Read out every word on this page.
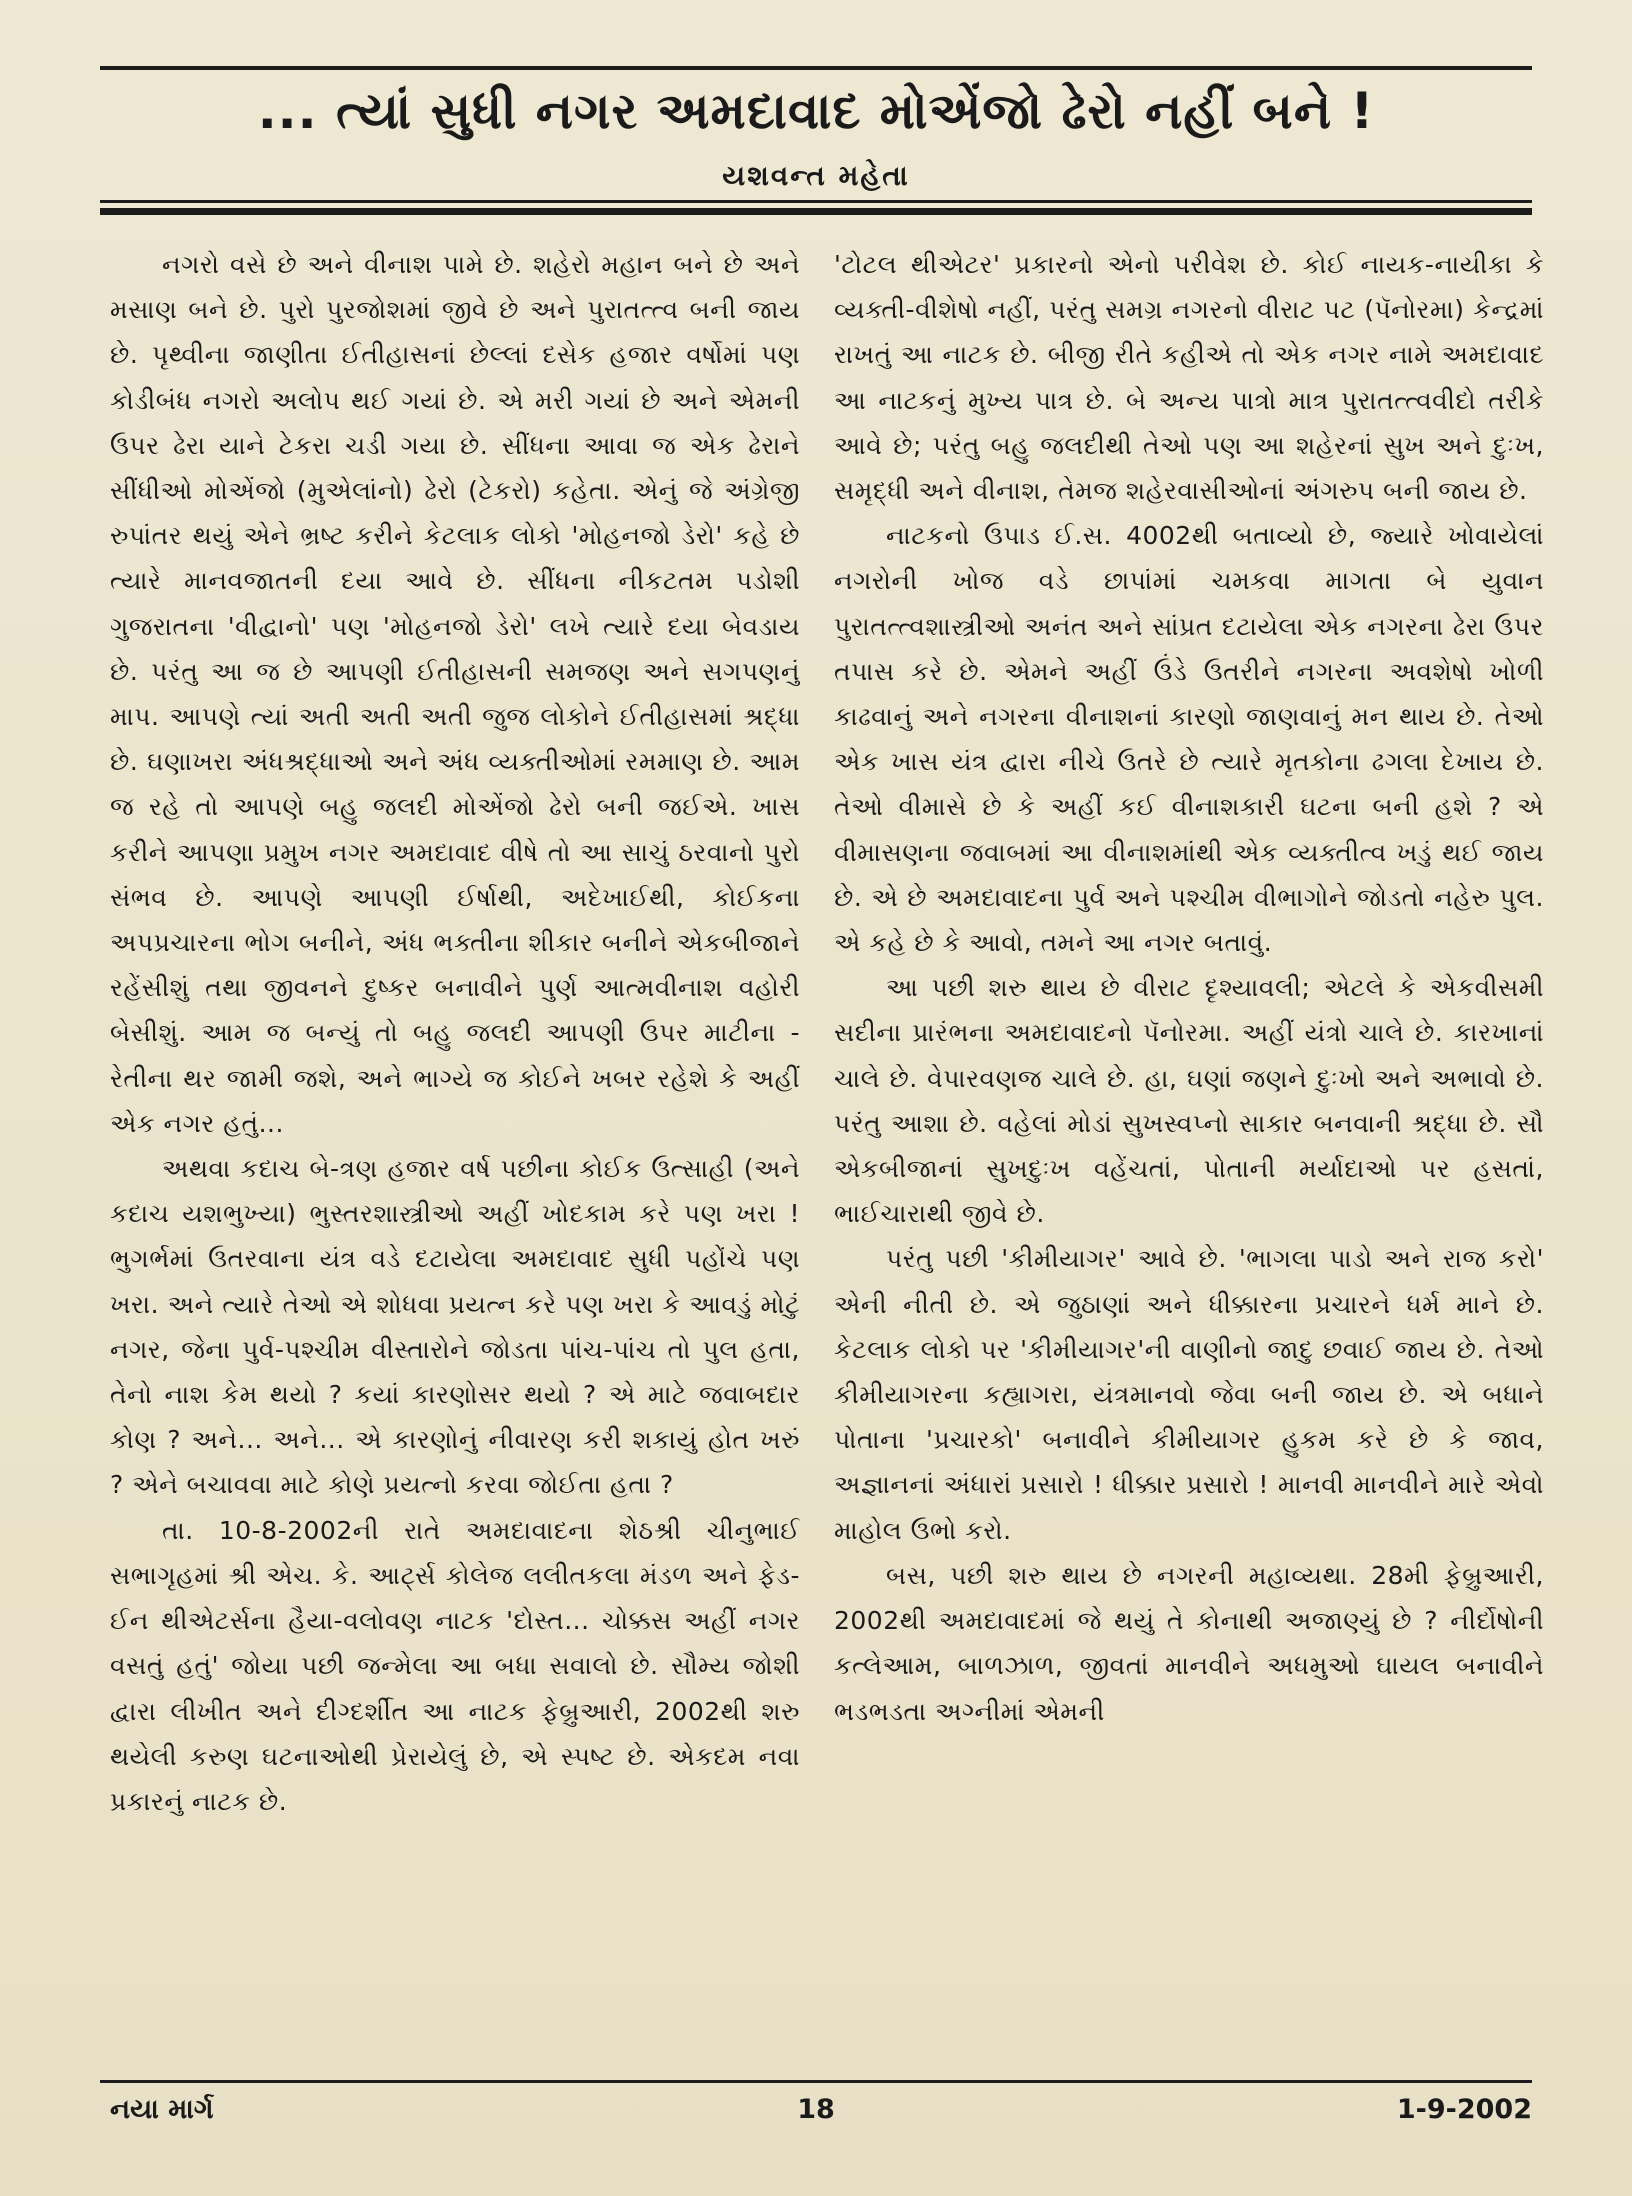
... ત્યાં સુધી નગર અમદાવાદ મોએંજો ઢેરો નહીં બને !
યશવન્ત મહેતા

નગરો વસે છે અને વીનાશ પામે છે. શહેરો મહાન બને છે અને મસાણ બને છે. પુરો પુરજોશમાં જીવે છે અને પુરાતત્ત્વ બની જાય છે. પૃથ્વીના જાણીતા ઈતીહાસનાં છેલ્લાં દસેક હજાર વર્ષોમાં પણ કોડીબંધ નગરો અલોપ થઈ ગયાં છે. એ મરી ગયાં છે અને એમની ઉપર ઢેરા યાને ટેકરા ચડી ગયા છે. સીંધના આવા જ એક ઢેરાને સીંધીઓ મોએંજો (મુએલાંનો) ઢેરો (ટેકરો) કહેતા. એનું જે અંગ્રેજી રુપાંતર થયું એને ભ્રષ્ટ કરીને કેટલાક લોકો 'મોહનજો ડેરો' કહે છે ત્યારે માનવજાતની દયા આવે છે. સીંધના નીકટતમ પડોશી ગુજરાતના 'વીદ્વાનો' પણ 'મોહનજો ડેરો' લખે ત્યારે દયા બેવડાય છે. પરંતુ આ જ છે આપણી ઈતીહાસની સમજણ અને સગપણનું માપ. આપણે ત્યાં અતી અતી અતી જુજ લોકોને ઈતીહાસમાં શ્રદ્ધા છે. ઘણાખરા અંધશ્રદ્ધાઓ અને અંધ વ્યક્તીઓમાં રમમાણ છે. આમ જ રહે તો આપણે બહુ જલદી મોએંજો ઢેરો બની જઈએ. ખાસ કરીને આપણા પ્રમુખ નગર અમદાવાદ વીષે તો આ સાચું ઠરવાનો પુરો સંભવ છે. આપણે આપણી ઈર્ષાથી, અદેખાઈથી, કોઈકના અપપ્રચારના ભોગ બનીને, અંધ ભક્તીના શીકાર બનીને એકબીજાને રહેંસીશું તથા જીવનને દુષ્કર બનાવીને પુર્ણ આત્મવીનાશ વહોરી બેસીશું. આમ જ બન્યું તો બહુ જલદી આપણી ઉપર માટીના - રેતીના થર જામી જશે, અને ભાગ્યે જ કોઈને ખબર રહેશે કે અહીં એક નગર હતું...

અથવા કદાચ બે-ત્રણ હજાર વર્ષ પછીના કોઈક ઉત્સાહી (અને કદાચ યશભુખ્યા) ભુસ્તરશાસ્ત્રીઓ અહીં ખોદકામ કરે પણ ખરા ! ભુગર્ભમાં ઉતરવાના યંત્ર વડે દટાયેલા અમદાવાદ સુધી પહોંચે પણ ખરા. અને ત્યારે તેઓ એ શોધવા પ્રયત્ન કરે પણ ખરા કે આવડું મોટું નગર, જેના પુર્વ-પશ્ચીમ વીસ્તારોને જોડતા પાંચ-પાંચ તો પુલ હતા, તેનો નાશ કેમ થયો ? કયાં કારણોસર થયો ? એ માટે જવાબદાર કોણ ? અને... અને... એ કારણોનું નીવારણ કરી શકાયું હોત ખરું ? એને બચાવવા માટે કોણે પ્રયત્નો કરવા જોઈતા હતા ?

તા. 10-8-2002ની રાતે અમદાવાદના શેઠશ્રી ચીનુભાઈ સભાગૃહમાં શ્રી એચ. કે. આર્ટ્સ કોલેજ લલીતકલા મંડળ અને ફેડ-ઈન થીએટર્સના હૈયા-વલોવણ નાટક 'દોસ્ત... ચોક્કસ અહીં નગર વસતું હતું' જોયા પછી જન્મેલા આ બધા સવાલો છે. સૌમ્ય જોશી દ્વારા લીખીત અને દીગ્દર્શીત આ નાટક ફેબ્રુઆરી, 2002થી શરુ થયેલી કરુણ ઘટનાઓથી પ્રેરાયેલું છે, એ સ્પષ્ટ છે. એકદમ નવા પ્રકારનું નાટક છે.

'ટોટલ થીએટર' પ્રકારનો એનો પરીવેશ છે. કોઈ નાયક-નાયીકા કે વ્યક્તી-વીશેષો નહીં, પરંતુ સમગ્ર નગરનો વીરાટ પટ (પૅનોરમા) કેન્દ્રમાં રાખતું આ નાટક છે. બીજી રીતે કહીએ તો એક નગર નામે અમદાવાદ આ નાટકનું મુખ્ય પાત્ર છે. બે અન્ય પાત્રો માત્ર પુરાતત્ત્વવીદો તરીકે આવે છે; પરંતુ બહુ જલદીથી તેઓ પણ આ શહેરનાં સુખ અને દુઃખ, સમૃદ્ધી અને વીનાશ, તેમજ શહેરવાસીઓનાં અંગરુપ બની જાય છે.

નાટકનો ઉપાડ ઈ.સ. 4002થી બતાવ્યો છે, જ્યારે ખોવાયેલાં નગરોની ખોજ વડે છાપાંમાં ચમકવા માગતા બે યુવાન પુરાતત્ત્વશાસ્ત્રીઓ અનંત અને સાંપ્રત દટાયેલા એક નગરના ઢેરા ઉપર તપાસ કરે છે. એમને અહીં ઉંડે ઉતરીને નગરના અવશેષો ખોળી કાઢવાનું અને નગરના વીનાશનાં કારણો જાણવાનું મન થાય છે. તેઓ એક ખાસ યંત્ર દ્વારા નીચે ઉતરે છે ત્યારે મૃતકોના ઢગલા દેખાય છે. તેઓ વીમાસે છે કે અહીં કઈ વીનાશકારી ઘટના બની હશે ? એ વીમાસણના જવાબમાં આ વીનાશમાંથી એક વ્યક્તીત્વ ખડું થઈ જાય છે. એ છે અમદાવાદના પુર્વ અને પશ્ચીમ વીભાગોને જોડતો નહેરુ પુલ. એ કહે છે કે આવો, તમને આ નગર બતાવું.

આ પછી શરુ થાય છે વીરાટ દૃશ્યાવલી; એટલે કે એકવીસમી સદીના પ્રારંભના અમદાવાદનો પૅનોરમા. અહીં યંત્રો ચાલે છે. કારખાનાં ચાલે છે. વેપારવણજ ચાલે છે. હા, ઘણાં જણને દુઃખો અને અભાવો છે. પરંતુ આશા છે. વહેલાં મોડાં સુખસ્વપ્નો સાકાર બનવાની શ્રદ્ધા છે. સૌ એકબીજાનાં સુખદુઃખ વહેંચતાં, પોતાની મર્યાદાઓ પર હસતાં, ભાઈચારાથી જીવે છે.

પરંતુ પછી 'કીમીયાગર' આવે છે. 'ભાગલા પાડો અને રાજ કરો' એની નીતી છે. એ જુઠાણાં અને ધીક્કારના પ્રચારને ધર્મ માને છે. કેટલાક લોકો પર 'કીમીયાગર'ની વાણીનો જાદુ છવાઈ જાય છે. તેઓ કીમીયાગરના કહ્યાગરા, યંત્રમાનવો જેવા બની જાય છે. એ બધાને પોતાના 'પ્રચારકો' બનાવીને કીમીયાગર હુકમ કરે છે કે જાવ, અજ્ઞાનનાં અંધારાં પ્રસારો ! ધીક્કાર પ્રસારો ! માનવી માનવીને મારે એવો માહોલ ઉભો કરો.

બસ, પછી શરુ થાય છે નગરની મહાવ્યથા. 28મી ફેબ્રુઆરી, 2002થી અમદાવાદમાં જે થયું તે કોનાથી અજાણ્યું છે ? નીર્દોષોની કત્લેઆમ, બાળઝાળ, જીવતાં માનવીને અધમુઓ ઘાયલ બનાવીને ભડભડતા અગ્નીમાં એમની

નયા માર્ગ	18	1-9-2002
